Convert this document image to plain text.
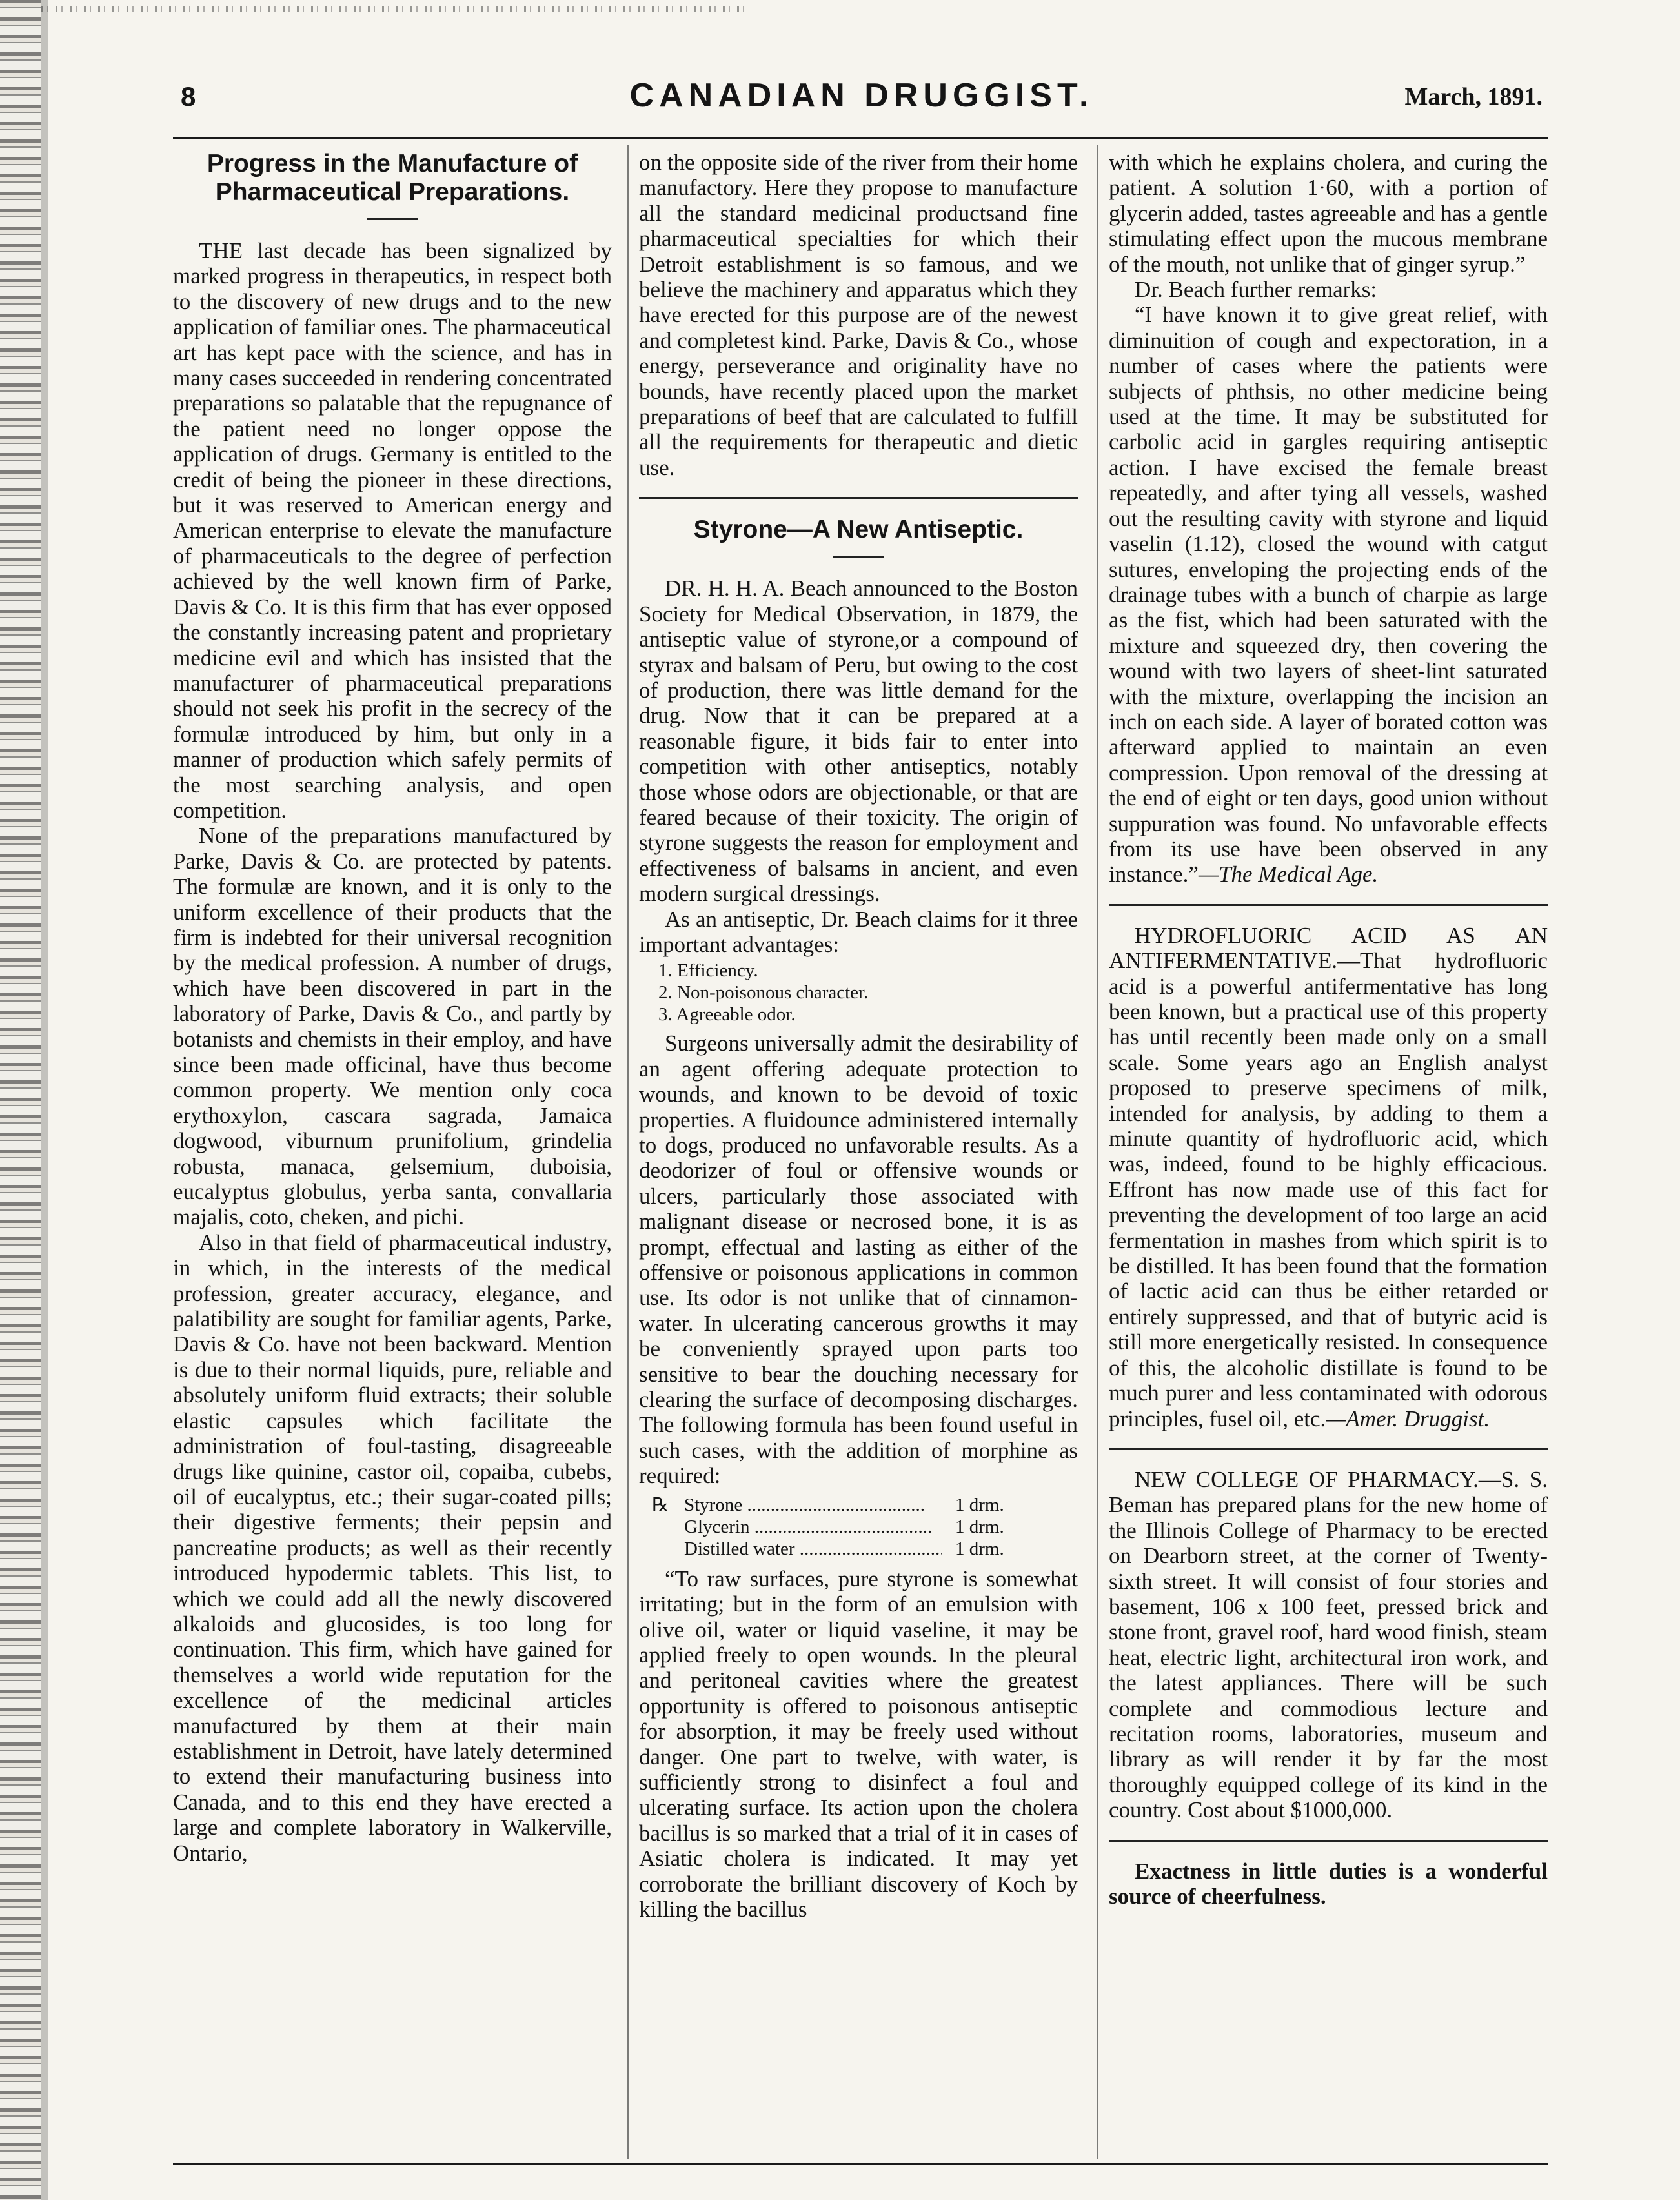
8	CANADIAN DRUGGIST.	March, 1891.
Progress in the Manufacture of Pharmaceutical Preparations.

THE last decade has been signalized by marked progress in therapeutics, in respect both to the discovery of new drugs and to the new application of familiar ones. The pharmaceutical art has kept pace with the science, and has in many cases succeeded in rendering concentrated preparations so palatable that the repugnance of the patient need no longer oppose the application of drugs. Germany is entitled to the credit of being the pioneer in these directions, but it was reserved to American energy and American enterprise to elevate the manufacture of pharmaceuticals to the degree of perfection achieved by the well known firm of Parke, Davis & Co. It is this firm that has ever opposed the constantly increasing patent and proprietary medicine evil and which has insisted that the manufacturer of pharmaceutical preparations should not seek his profit in the secrecy of the formulæ introduced by him, but only in a manner of production which safely permits of the most searching analysis, and open competition.

None of the preparations manufactured by Parke, Davis & Co. are protected by patents. The formulæ are known, and it is only to the uniform excellence of their products that the firm is indebted for their universal recognition by the medical profession. A number of drugs, which have been discovered in part in the laboratory of Parke, Davis & Co., and partly by botanists and chemists in their employ, and have since been made officinal, have thus become common property. We mention only coca erythoxylon, cascara sagrada, Jamaica dogwood, viburnum prunifolium, grindelia robusta, manaca, gelsemium, duboisia, eucalyptus globulus, yerba santa, convallaria majalis, coto, cheken, and pichi.

Also in that field of pharmaceutical industry, in which, in the interests of the medical profession, greater accuracy, elegance, and palatibility are sought for familiar agents, Parke, Davis & Co. have not been backward. Mention is due to their normal liquids, pure, reliable and absolutely uniform fluid extracts; their soluble elastic capsules which facilitate the administration of foul-tasting, disagreeable drugs like quinine, castor oil, copaiba, cubebs, oil of eucalyptus, etc.; their sugar-coated pills; their digestive ferments; their pepsin and pancreatine products; as well as their recently introduced hypodermic tablets. This list, to which we could add all the newly discovered alkaloids and glucosides, is too long for continuation. This firm, which have gained for themselves a world wide reputation for the excellence of the medicinal articles manufactured by them at their main establishment in Detroit, have lately determined to extend their manufacturing business into Canada, and to this end they have erected a large and complete laboratory in Walkerville, Ontario,

on the opposite side of the river from their home manufactory. Here they propose to manufacture all the standard medicinal productsand fine pharmaceutical specialties for which their Detroit establishment is so famous, and we believe the machinery and apparatus which they have erected for this purpose are of the newest and completest kind. Parke, Davis & Co., whose energy, perseverance and originality have no bounds, have recently placed upon the market preparations of beef that are calculated to fulfill all the requirements for therapeutic and dietic use.

Styrone—A New Antiseptic.

DR. H. H. A. Beach announced to the Boston Society for Medical Observation, in 1879, the antiseptic value of styrone,or a compound of styrax and balsam of Peru, but owing to the cost of production, there was little demand for the drug. Now that it can be prepared at a reasonable figure, it bids fair to enter into competition with other antiseptics, notably those whose odors are objectionable, or that are feared because of their toxicity. The origin of styrone suggests the reason for employment and effectiveness of balsams in ancient, and even modern surgical dressings.

As an antiseptic, Dr. Beach claims for it three important advantages:

1. Efficiency.
2. Non-poisonous character.
3. Agreeable odor.

Surgeons universally admit the desirability of an agent offering adequate protection to wounds, and known to be devoid of toxic properties. A fluidounce administered internally to dogs, produced no unfavorable results. As a deodorizer of foul or offensive wounds or ulcers, particularly those associated with malignant disease or necrosed bone, it is as prompt, effectual and lasting as either of the offensive or poisonous applications in common use. Its odor is not unlike that of cinnamon-water. In ulcerating cancerous growths it may be conveniently sprayed upon parts too sensitive to bear the douching necessary for clearing the surface of decomposing discharges. The following formula has been found useful in such cases, with the addition of morphine as required:

℞ Styrone .....	1 drm.
Glycerin .....	1 drm.
Distilled water .....	1 drm.

“To raw surfaces, pure styrone is somewhat irritating; but in the form of an emulsion with olive oil, water or liquid vaseline, it may be applied freely to open wounds. In the pleural and peritoneal cavities where the greatest opportunity is offered to poisonous antiseptic for absorption, it may be freely used without danger. One part to twelve, with water, is sufficiently strong to disinfect a foul and ulcerating surface. Its action upon the cholera bacillus is so marked that a trial of it in cases of Asiatic cholera is indicated. It may yet corroborate the brilliant discovery of Koch by killing the bacillus

with which he explains cholera, and curing the patient. A solution 1·60, with a portion of glycerin added, tastes agreeable and has a gentle stimulating effect upon the mucous membrane of the mouth, not unlike that of ginger syrup.”

Dr. Beach further remarks:

“I have known it to give great relief, with diminuition of cough and expectoration, in a number of cases where the patients were subjects of phthsis, no other medicine being used at the time. It may be substituted for carbolic acid in gargles requiring antiseptic action. I have excised the female breast repeatedly, and after tying all vessels, washed out the resulting cavity with styrone and liquid vaselin (1.12), closed the wound with catgut sutures, enveloping the projecting ends of the drainage tubes with a bunch of charpie as large as the fist, which had been saturated with the mixture and squeezed dry, then covering the wound with two layers of sheet-lint saturated with the mixture, overlapping the incision an inch on each side. A layer of borated cotton was afterward applied to maintain an even compression. Upon removal of the dressing at the end of eight or ten days, good union without suppuration was found. No unfavorable effects from its use have been observed in any instance.”—The Medical Age.

HYDROFLUORIC ACID AS AN ANTIFERMENTATIVE.—That hydrofluoric acid is a powerful antifermentative has long been known, but a practical use of this property has until recently been made only on a small scale. Some years ago an English analyst proposed to preserve specimens of milk, intended for analysis, by adding to them a minute quantity of hydrofluoric acid, which was, indeed, found to be highly efficacious. Effront has now made use of this fact for preventing the development of too large an acid fermentation in mashes from which spirit is to be distilled. It has been found that the formation of lactic acid can thus be either retarded or entirely suppressed, and that of butyric acid is still more energetically resisted. In consequence of this, the alcoholic distillate is found to be much purer and less contaminated with odorous principles, fusel oil, etc.—Amer. Druggist.

NEW COLLEGE OF PHARMACY.—S. S. Beman has prepared plans for the new home of the Illinois College of Pharmacy to be erected on Dearborn street, at the corner of Twenty-sixth street. It will consist of four stories and basement, 106 x 100 feet, pressed brick and stone front, gravel roof, hard wood finish, steam heat, electric light, architectural iron work, and the latest appliances. There will be such complete and commodious lecture and recitation rooms, laboratories, museum and library as will render it by far the most thoroughly equipped college of its kind in the country. Cost about $1000,000.

Exactness in little duties is a wonderful source of cheerfulness.
